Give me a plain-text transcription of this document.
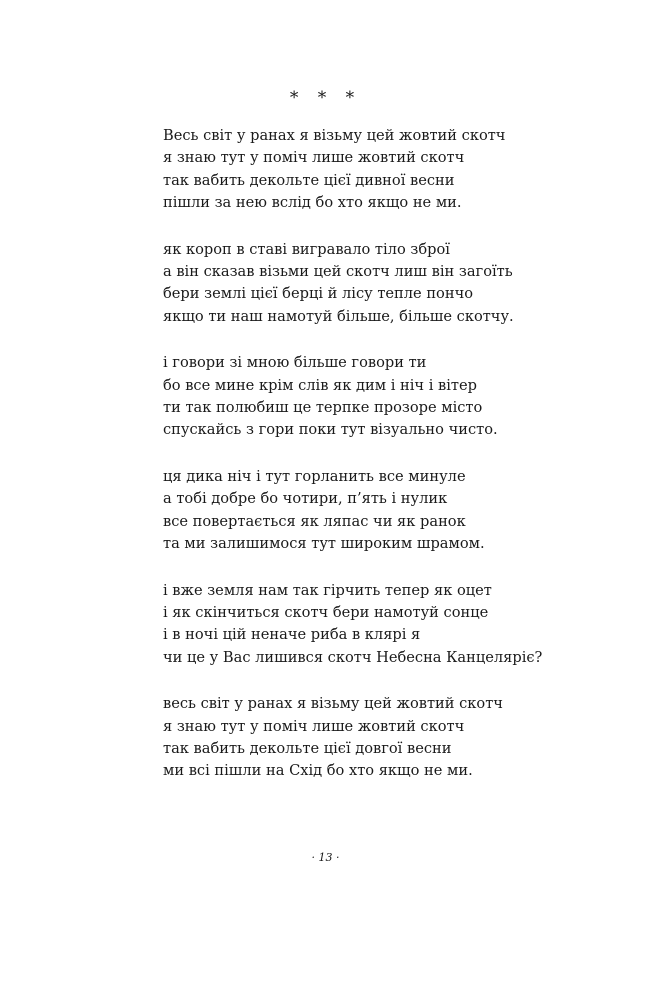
* * *
Весь світ у ранах я візьму цей жовтий скотч
я знаю тут у поміч лише жовтий скотч
так вабить декольте цієї дивної весни
пішли за нею вслід бо хто якщо не ми.
як короп в ставі вигравало тіло зброї
а він сказав візьми цей скотч лиш він загоїть
бери землі цієї берці й лісу тепле пончо
якщо ти наш намотуй більше, більше скотчу.
і говори зі мною більше говори ти
бо все мине крім слів як дим і ніч і вітер
ти так полюбиш це терпке прозоре місто
спускайсь з гори поки тут візуально чисто.
ця дика ніч і тут горланить все минуле
а тобі добре бо чотири, п’ять і нулик
все повертається як ляпас чи як ранок
та ми залишимося тут широким шрамом.
і вже земля нам так гірчить тепер як оцет
і як скінчиться скотч бери намотуй сонце
і в ночі цій неначе риба в клярі я
чи це у Вас лишився скотч Небесна Канцеляріє?
весь світ у ранах я візьму цей жовтий скотч
я знаю тут у поміч лише жовтий скотч
так вабить декольте цієї довгої весни
ми всі пішли на Схід бо хто якщо не ми.
· 13 ·
